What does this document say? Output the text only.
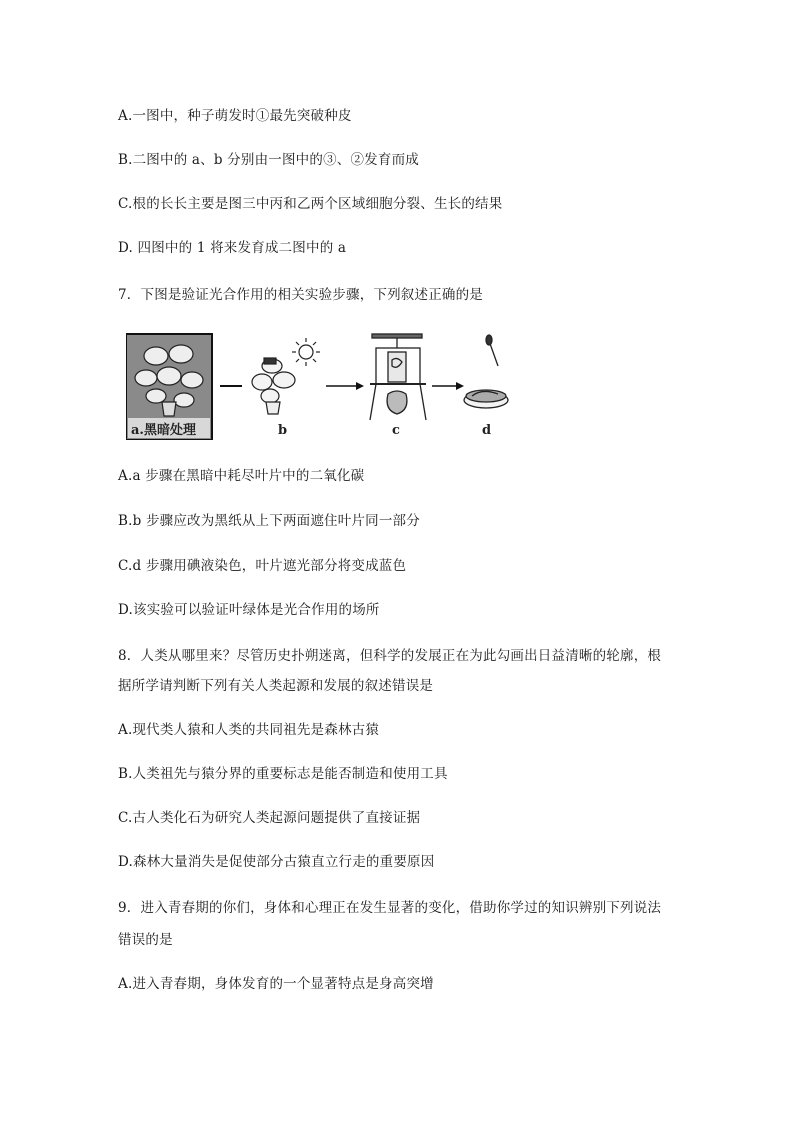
A.一图中，种子萌发时①最先突破种皮
B.二图中的 a、b 分别由一图中的③、②发育而成
C.根的长长主要是图三中丙和乙两个区域细胞分裂、生长的结果
D. 四图中的 1 将来发育成二图中的 a
7．下图是验证光合作用的相关实验步骤，下列叙述正确的是
a.黑暗处理	b	c	d
A.a 步骤在黑暗中耗尽叶片中的二氧化碳
B.b 步骤应改为黑纸从上下两面遮住叶片同一部分
C.d 步骤用碘液染色，叶片遮光部分将变成蓝色
D.该实验可以验证叶绿体是光合作用的场所
8．人类从哪里来？尽管历史扑朔迷离，但科学的发展正在为此勾画出日益清晰的轮廓，根
据所学请判断下列有关人类起源和发展的叙述错误是
A.现代类人猿和人类的共同祖先是森林古猿
B.人类祖先与猿分界的重要标志是能否制造和使用工具
C.古人类化石为研究人类起源问题提供了直接证据
D.森林大量消失是促使部分古猿直立行走的重要原因
9．进入青春期的你们，身体和心理正在发生显著的变化，借助你学过的知识辨别下列说法
错误的是
A.进入青春期，身体发育的一个显著特点是身高突增
